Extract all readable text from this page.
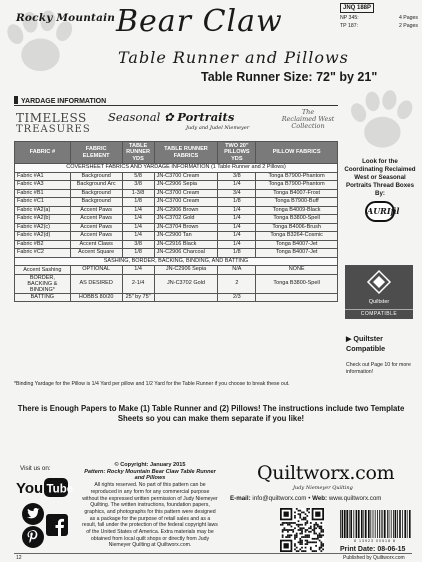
Rocky Mountain Bear Claw
Table Runner and Pillows
JNQ 188P
NP 345:	4 Pages
TP 187:	2 Pages
Table Runner Size: 72" by 21"
YARDAGE INFORMATION
TIMELESS
TREASURES
Seasonal ✿ Portraits
Judy and Judel Niemeyer
The
Reclaimed West
Collection
FABRIC #	FABRIC ELEMENT	TABLE RUNNER YDS	TABLE RUNNER FABRICS	TWO 20" PILLOWS YDS	PILLOW FABRICS
COVERSHEET FABRICS AND YARDAGE INFORMATION (1 Table Runner and 2 Pillows)					
Fabric #A1	Background	5/8	JN-C3700 Cream	3/8	Tonga B7900-Phantom
Fabric #A3	Background Arc	3/8	JN-C2906 Sepia	1/4	Tonga B7900-Phantom
Fabric #B1	Background	1-3/8	JN-C3700 Cream	3/4	Tonga B4007-Frost
Fabric #C1	Background	1/8	JN-C3700 Cream	1/8	Tonga B7900-Buff
Fabric #A2(a)	Accent Paws	1/4	JN-C2906 Brown	1/4	Tonga B4009-Black
Fabric #A2(b)	Accent Paws	1/4	JN-C3702 Gold	1/4	Tonga B3800-Spell
Fabric #A2(c)	Accent Paws	1/4	JN-C3704 Brown	1/4	Tonga B4006-Brush
Fabric #A2(d)	Accent Paws	1/4	JN-C2900 Tan	1/4	Tonga B3264-Cosmic
Fabric #B2	Accent Claws	3/8	JN-C2916 Black	1/4	Tonga B4007-Jet
Fabric #C2	Accent Square	1/8	JN-C2906 Charcoal	1/8	Tonga B4007-Jet
SASHING, BORDER, BACKING, BINDING, AND BATTING					
Accent Sashing	OPTIONAL	1/4	JN-C2906 Sepia	N/A	NONE
BORDER, BACKING & BINDING*	AS DESIRED	2-1/4	JN-C3702 Gold	2	Tonga B3800-Spell
BATTING	HOBBS 80/20	25" by 75"		2/3	
*Binding Yardage for the Pillow is 1/4 Yard per pillow and 1/2 Yard for the Table Runner if you choose to break these out.
There is Enough Papers to Make (1) Table Runner and (2) Pillows! The instructions include two Template Sheets so you can make them separate if you like!
Look for the Coordinating Reclaimed West or Seasonal Portraits Thread Boxes By:
AURIfil
Quiltster
COMPATIBLE
▶ Quiltster Compatible
Check out Page 10 for more information!
Visit us on:
You Tube
© Copyright: January 2015
Pattern: Rocky Mountain Bear Claw Table Runner and Pillows
All rights reserved. No part of this pattern can be reproduced in any form for any commercial purpose without the expressed written permission of Judy Niemeyer Quilting. The written instructions, foundation papers, graphics, and photographs for this pattern were designed as a package for the purpose of retail sales and as a result, fall under the protection of the federal copyright laws of the United States of America. Extra materials may be obtained from local quilt shops or directly from Judy Niemeyer Quilting at Quiltworx.com.
Quiltworx.com
Judy Niemeyer Quilting
E-mail: info@quiltworx.com • Web: www.quiltworx.com
8 13923 00518 8
Print Date: 08-06-15
12	Published by Quiltworx.com
